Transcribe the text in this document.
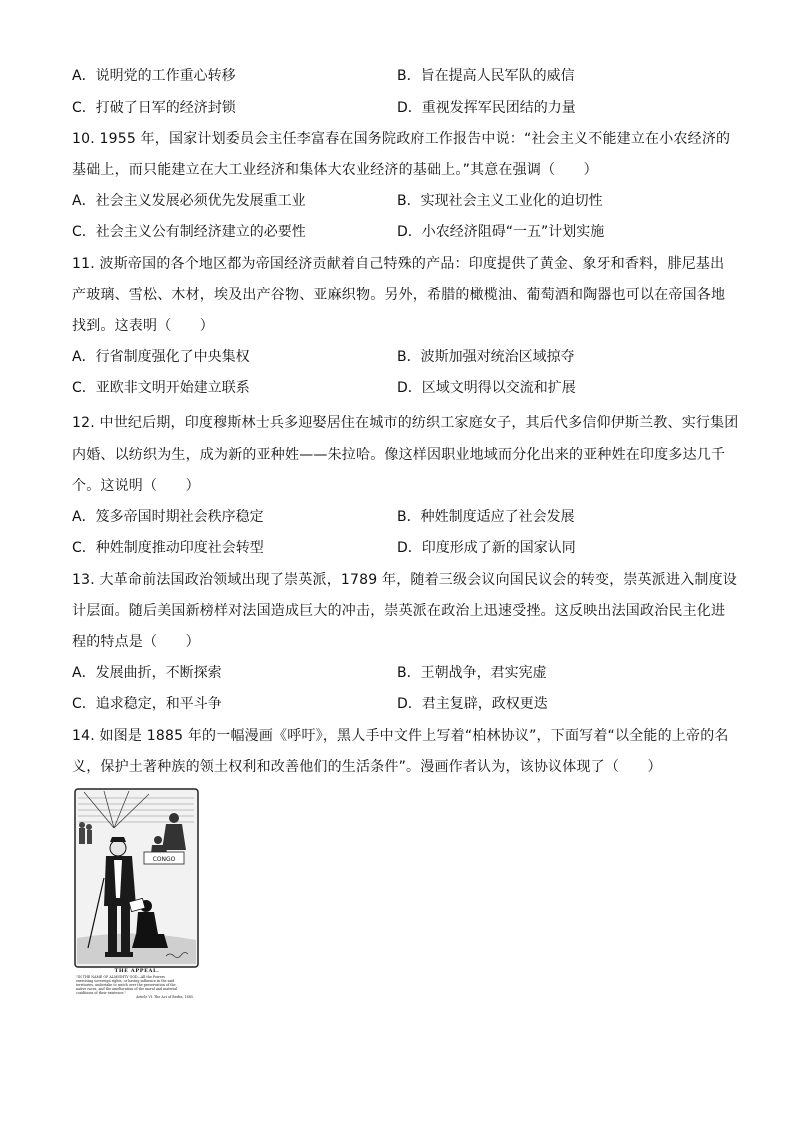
A．说明党的工作重心转移	B．旨在提高人民军队的威信
C．打破了日军的经济封锁	D．重视发挥军民团结的力量
10. 1955 年，国家计划委员会主任李富春在国务院政府工作报告中说：“社会主义不能建立在小农经济的
基础上，而只能建立在大工业经济和集体大农业经济的基础上。”其意在强调（　　）
A．社会主义发展必须优先发展重工业	B．实现社会主义工业化的迫切性
C．社会主义公有制经济建立的必要性	D．小农经济阻碍“一五”计划实施
11. 波斯帝国的各个地区都为帝国经济贡献着自己特殊的产品：印度提供了黄金、象牙和香料，腓尼基出
产玻璃、雪松、木材，埃及出产谷物、亚麻织物。另外，希腊的橄榄油、葡萄酒和陶器也可以在帝国各地
找到。这表明（　　）
A．行省制度强化了中央集权	B．波斯加强对统治区域掠夺
C．亚欧非文明开始建立联系	D．区域文明得以交流和扩展
12. 中世纪后期，印度穆斯林士兵多迎娶居住在城市的纺织工家庭女子，其后代多信仰伊斯兰教、实行集团
内婚、以纺织为生，成为新的亚种姓——朱拉哈。像这样因职业地域而分化出来的亚种姓在印度多达几千
个。这说明（　　）
A．笈多帝国时期社会秩序稳定	B．种姓制度适应了社会发展
C．种姓制度推动印度社会转型	D．印度形成了新的国家认同
13. 大革命前法国政治领域出现了崇英派，1789 年，随着三级会议向国民议会的转变，崇英派进入制度设
计层面。随后美国新榜样对法国造成巨大的冲击，崇英派在政治上迅速受挫。这反映出法国政治民主化进
程的特点是（　　）
A．发展曲折，不断探索	B．王朝战争，君实宪虚
C．追求稳定，和平斗争	D．君主复辟，政权更迭
14. 如图是 1885 年的一幅漫画《呼吁》，黑人手中文件上写着“柏林协议”，下面写着“以全能的上帝的名
义，保护土著种族的领土权利和改善他们的生活条件”。漫画作者认为，该协议体现了（　　）
CONGO
THE APPEAL.
"IN THE NAME OF ALMIGHTY GOD—All the Powers
exercising sovereign rights, or having influence in the said
territories, undertake to watch over the preservation of the
native races, and the amelioration of the moral and material
conditions of their existence."
Article VI. The Act of Berlin, 1885.
